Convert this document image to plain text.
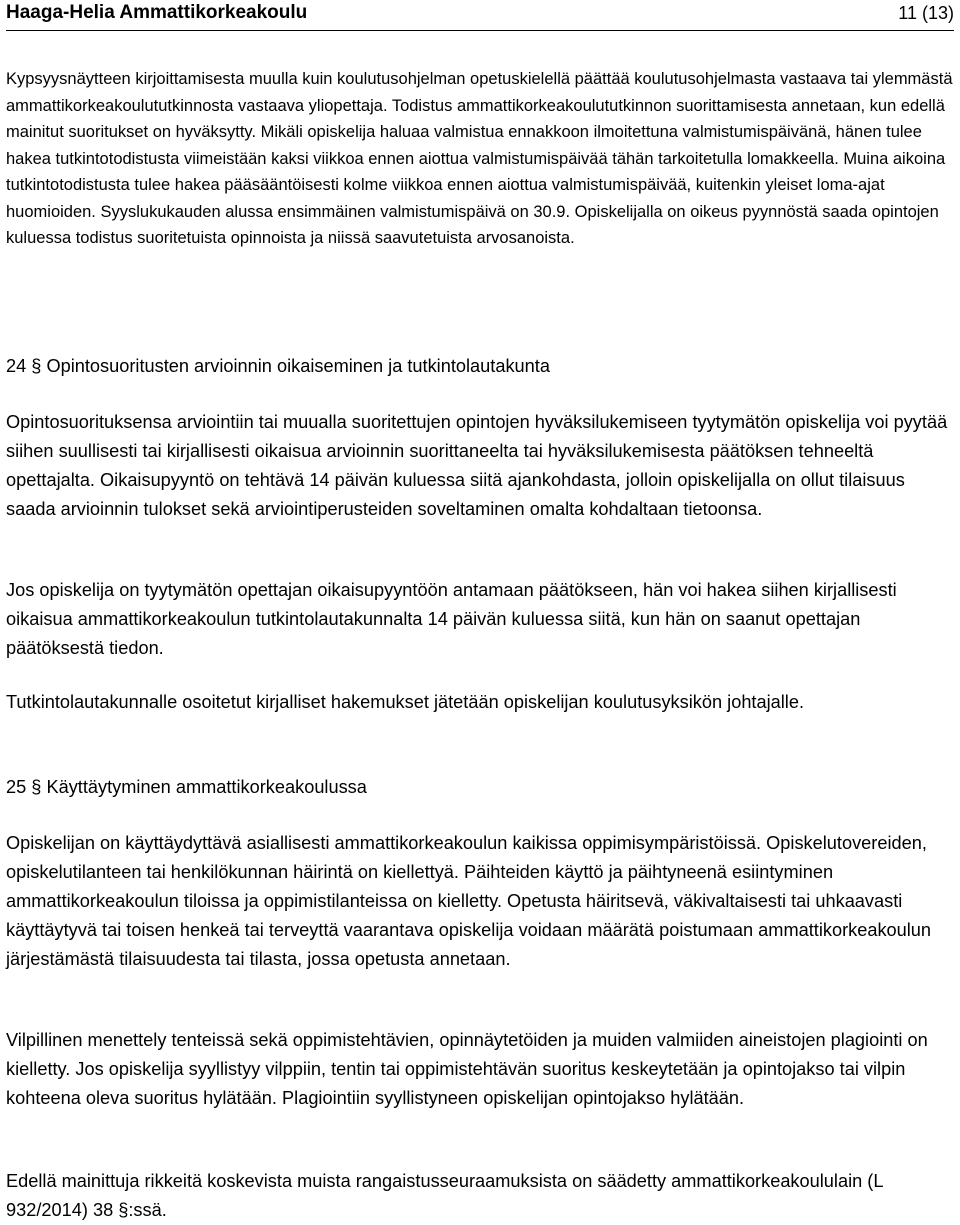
Haaga-Helia Ammattikorkeakoulu	11 (13)

Kypsyysnäytteen kirjoittamisesta muulla kuin koulutusohjelman opetuskielellä päättää koulutusohjelmasta vastaava tai ylemmästä ammattikorkeakoulututkinnosta vastaava yliopettaja. Todistus ammattikorkeakoulututkinnon suorittamisesta annetaan, kun edellä mainitut suoritukset on hyväksytty. Mikäli opiskelija haluaa valmistua ennakkoon ilmoitettuna valmistumispäivänä, hänen tulee hakea tutkintotodistusta viimeistään kaksi viikkoa ennen aiottua valmistumispäivää tähän tarkoitetulla lomakkeella. Muina aikoina tutkintotodistusta tulee hakea pääsääntöisesti kolme viikkoa ennen aiottua valmistumispäivää, kuitenkin yleiset loma-ajat huomioiden. Syyslukukauden alussa ensimmäinen valmistumispäivä on 30.9. Opiskelijalla on oikeus pyynnöstä saada opintojen kuluessa todistus suoritetuista opinnoista ja niissä saavutetuista arvosanoista.

24 § Opintosuoritusten arvioinnin oikaiseminen ja tutkintolautakunta

Opintosuorituksensa arviointiin tai muualla suoritettujen opintojen hyväksilukemiseen tyytymätön opiskelija voi pyytää siihen suullisesti tai kirjallisesti oikaisua arvioinnin suorittaneelta tai hyväksilukemisesta päätöksen tehneeltä opettajalta. Oikaisupyyntö on tehtävä 14 päivän kuluessa siitä ajankohdasta, jolloin opiskelijalla on ollut tilaisuus saada arvioinnin tulokset sekä arviointiperusteiden soveltaminen omalta kohdaltaan tietoonsa.

Jos opiskelija on tyytymätön opettajan oikaisupyyntöön antamaan päätökseen, hän voi hakea siihen kirjallisesti oikaisua ammattikorkeakoulun tutkintolautakunnalta 14 päivän kuluessa siitä, kun hän on saanut opettajan päätöksestä tiedon.

Tutkintolautakunnalle osoitetut kirjalliset hakemukset jätetään opiskelijan koulutusyksikön johtajalle.

25 § Käyttäytyminen ammattikorkeakoulussa

Opiskelijan on käyttäydyttävä asiallisesti ammattikorkeakoulun kaikissa oppimisympäristöissä. Opiskelutovereiden, opiskelutilanteen tai henkilökunnan häirintä on kiellettyä. Päihteiden käyttö ja päihtyneenä esiintyminen ammattikorkeakoulun tiloissa ja oppimistilanteissa on kielletty. Opetusta häiritsevä, väkivaltaisesti tai uhkaavasti käyttäytyvä tai toisen henkeä tai terveyttä vaarantava opiskelija voidaan määrätä poistumaan ammattikorkeakoulun järjestämästä tilaisuudesta tai tilasta, jossa opetusta annetaan.

Vilpillinen menettely tenteissä sekä oppimistehtävien, opinnäytetöiden ja muiden valmiiden aineistojen plagiointi on kielletty. Jos opiskelija syyllistyy vilppiin, tentin tai oppimistehtävän suoritus keskeytetään ja opintojakso tai vilpin kohteena oleva suoritus hylätään. Plagiointiin syyllistyneen opiskelijan opintojakso hylätään.

Edellä mainittuja rikkeitä koskevista muista rangaistusseuraamuksista on säädetty ammattikorkeakoululain (L 932/2014) 38 §:ssä.
